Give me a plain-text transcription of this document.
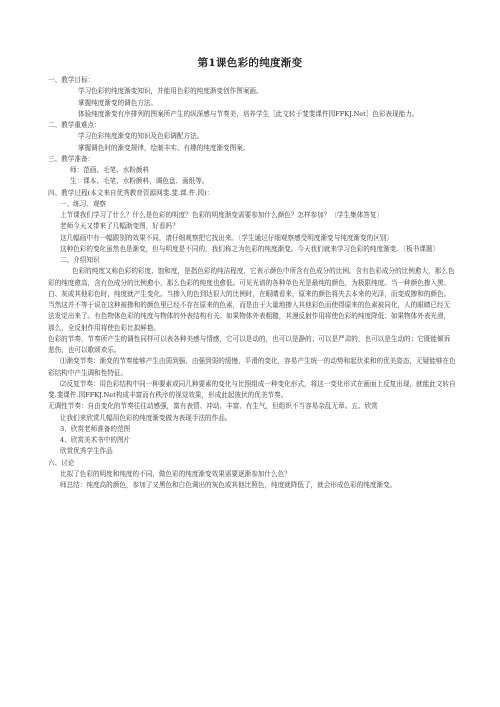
第1课色彩的纯度渐变

一、教学目标：

学习色彩的纯度渐变知识，并能用色彩的纯度渐变创作图案画。

掌握纯度渐变的调色方法。

体验纯度渐变有序排列的图案所产生的纵深感与节奏美，培养学生［此文转于斐斐课件园FFKJ.Net］色彩表现能力。

二、教学重难点：

学习色彩纯度渐变的知识及色彩调配方法。

掌握调色时的渐变规律，绘制丰实、有趣的纯度渐变图案。

三、教学准备：

师：范画、毛笔、水粉颜料

生：课本、毛笔、水粉颜料，调色盘、画纸等。

四、教学过程(本文来自优秀教育资源网斐.斐.课.件.园)：

一、练习、观察

上节课我们学习了什么？什么是色彩的明度？色彩的明度渐变需要参加什么颜色？怎样参加？〔学生集体答复〕

老师今天又带来了几幅渐变图，好看吗？

这几幅画中有一幅跟别的效果不同，请仔细观察把它找出来。〔学生通过仔细观察感受明度渐变与纯度渐变的区别〕

这种色彩的变化虽然也是渐变，但与明度是不同的，我们称之为色彩的纯度渐变。今天我们就来学习色彩的纯度渐变。〔板书课题〕

二、介绍知识

色彩的纯度又称色彩的彩度、饱和度，是指色彩的纯洁程度，它表示颜色中所含有色成分的比例。含有色彩成分的比例愈大，那么色彩的纯度愈高，含有色成分的比例愈小，那么色彩的纯度也愈低。可见光谱的各种单色光是最纯的颜色，为极限纯度。当一种颜色掺入黑、白、灰或其他彩色时，纯度就产生变化。当掺入的色到达很大的比例时，在眼睛看来，原来的颜色将失去本来的光泽，而变成掺和的颜色。当然这并不等于说在这种被掺和的颜色里已经不存在原来的色素，而是由于大量地掺入其他彩色而使得原来的色素被同化，人的眼睛已经无法发觉出来了。有色物体色彩的纯度与物体的外表结构有关。如果物体外表粗糙，其漫反射作用将使色彩的纯度降低；如果物体外表光滑，那么，全反射作用将使色彩比拟鲜艳。

色彩的节奏，节奏所产生的调性同样可以表各种美感与情感，它可以是动的，也可以是静的；可以是严肃的，也可以是生动的；它既能倾诉悲伤，也可以歌颂欢乐。

⑴渐变节奏：渐变的节奏能够产生由弱到强、由强到弱的缓慢、平滑的变化，容易产生统一的动势和起伏柔和的优美姿态，无疑能够在色彩结构中产生调和性特征。

⑵反复节奏：用色彩结构中同一种要素或同几种要素的变化与比照组成一种变化形式，将这一变化形式在画面上反复出现，就能此文转自斐.斐课件.园FFKJ.Net构成丰富而有秩序的视觉效果，形成此起彼伏的优美节奏。

无调性节奏：自由变化的节奏往往动感强，富有表情、冲动、丰富、有生气，但组织不当容易杂乱无章。五、欣赏

让我们来欣赏几幅用色彩的纯度渐变做为表现手法的作品。

3、欣赏老师准备的范图

4、欣赏美术书中的图片

欣赏优秀学生作品

六、讨论

比拟了色彩的明度和纯度的不同，做色彩的纯度渐变效果需要逐渐参加什么色？

师总结：纯度高的颜色，参加了又黑色和白色调出的灰色或其他比照色，纯度就降低了，就会形成色彩的纯度渐变。
